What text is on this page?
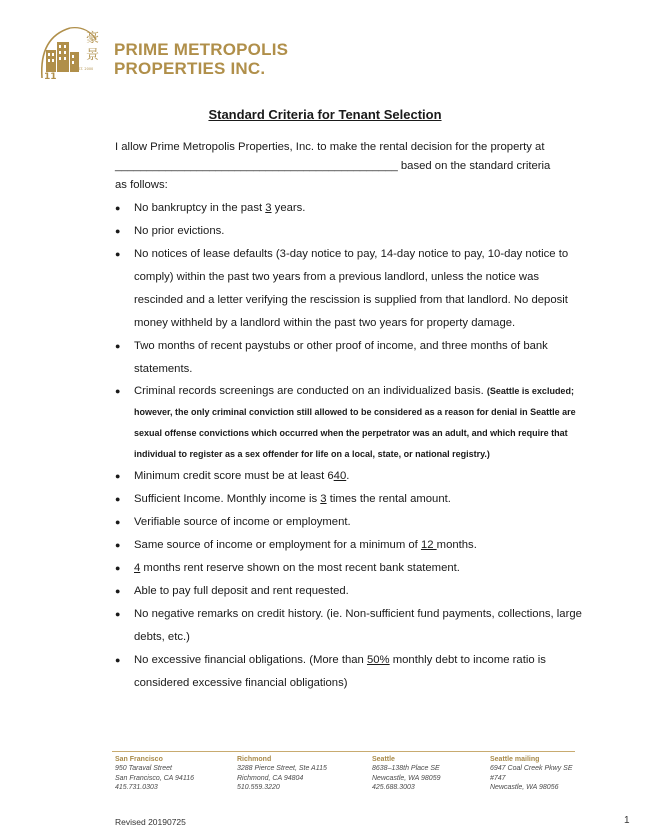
豪
景
11
EST. 2000
PRIME METROPOLIS
PROPERTIES INC.
Standard Criteria for Tenant Selection
I allow Prime Metropolis Properties, Inc. to make the rental decision for the property at
_____________________________________________ based on the standard criteria
as follows:
● No bankruptcy in the past 3 years.
● No prior evictions.
● No notices of lease defaults (3-day notice to pay, 14-day notice to pay, 10-day notice to comply) within the past two years from a previous landlord, unless the notice was rescinded and a letter verifying the rescission is supplied from that landlord. No deposit money withheld by a landlord within the past two years for property damage.
● Two months of recent paystubs or other proof of income, and three months of bank statements.
● Criminal records screenings are conducted on an individualized basis. (Seattle is excluded; however, the only criminal conviction still allowed to be considered as a reason for denial in Seattle are sexual offense convictions which occurred when the perpetrator was an adult, and which require that individual to register as a sex offender for life on a local, state, or national registry.)
● Minimum credit score must be at least 640.
● Sufficient Income. Monthly income is 3 times the rental amount.
● Verifiable source of income or employment.
● Same source of income or employment for a minimum of 12 months.
● 4 months rent reserve shown on the most recent bank statement.
● Able to pay full deposit and rent requested.
● No negative remarks on credit history. (ie. Non-sufficient fund payments, collections, large debts, etc.)
● No excessive financial obligations. (More than 50% monthly debt to income ratio is considered excessive financial obligations)
San Francisco
950 Taraval Street
San Francisco, CA 94116
415.731.0303
Richmond
3288 Pierce Street, Ste A115
Richmond, CA 94804
510.559.3220
Seattle
8638–138th Place SE
Newcastle, WA 98059
425.688.3003
Seattle mailing
6947 Coal Creek Pkwy SE
#747
Newcastle, WA 98056
Revised 20190725	1
